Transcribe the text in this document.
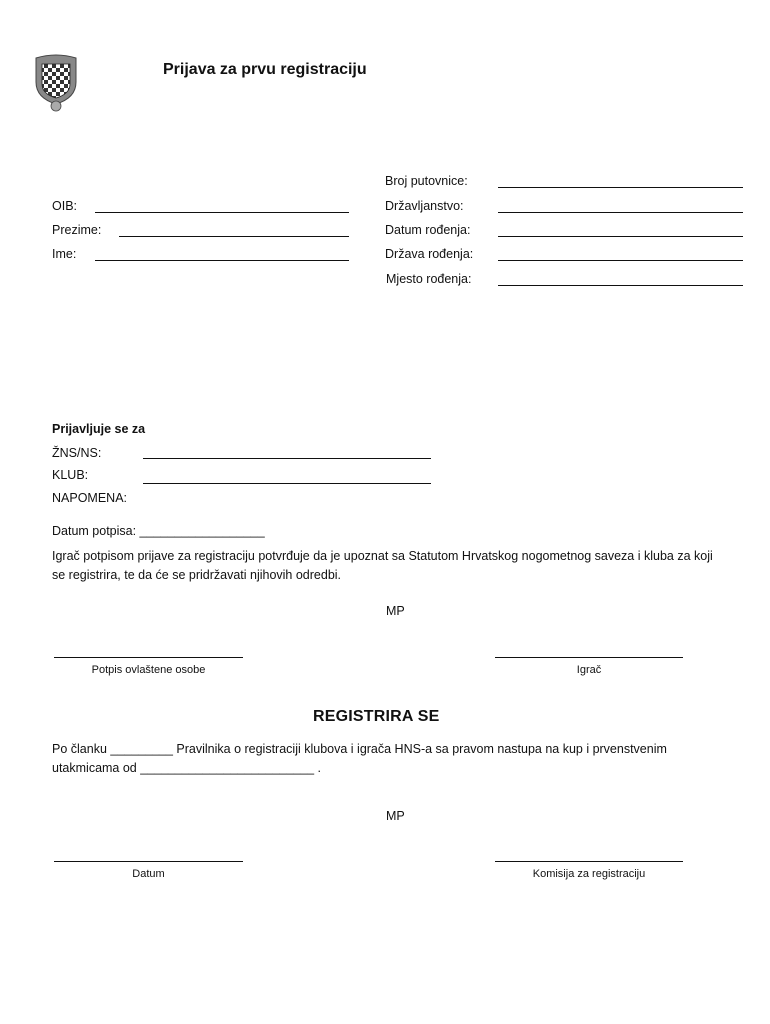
Prijava za prvu registraciju
Broj putovnice:
Državljanstvo:
Datum rođenja:
Država rođenja:
Mjesto rođenja:
OIB:
Prezime:
Ime:
Prijavljuje se za
ŽNS/NS:
KLUB:
NAPOMENA:
Datum potpisa: __________________
Igrač potpisom prijave za registraciju potvrđuje da je upoznat sa Statutom Hrvatskog nogometnog saveza i kluba za koji se registrira, te da će se pridržavati njihovih odredbi.
MP
Potpis ovlaštene osobe	Igrač
REGISTRIRA SE
Po članku _________ Pravilnika o registraciji klubova i igrača HNS-a sa pravom nastupa na kup i prvenstvenim utakmicama od _________________________ .
MP
Datum	Komisija za registraciju
